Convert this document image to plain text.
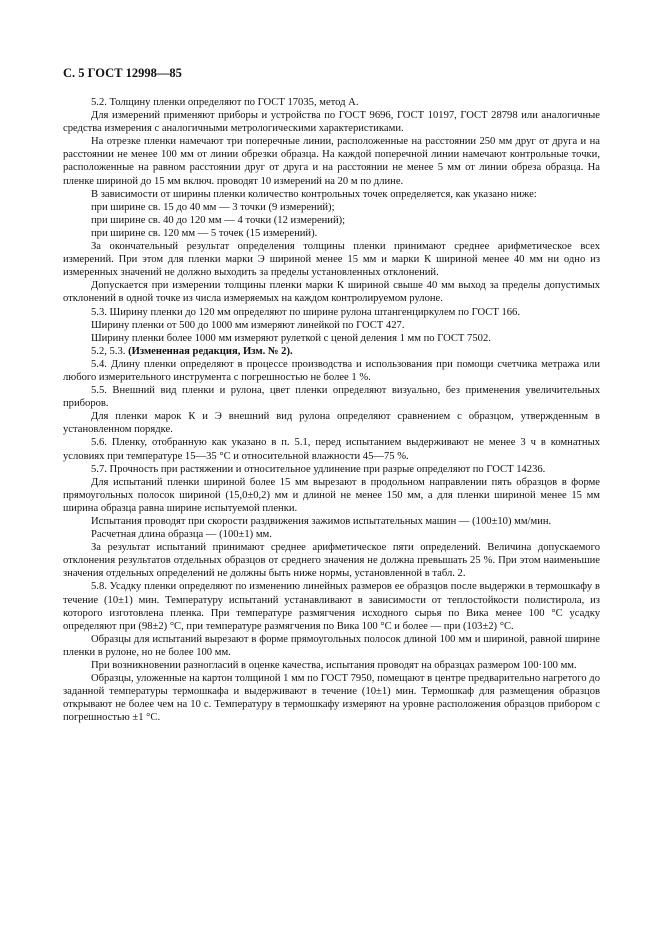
С. 5 ГОСТ 12998—85

5.2. Толщину пленки определяют по ГОСТ 17035, метод А.

Для измерений применяют приборы и устройства по ГОСТ 9696, ГОСТ 10197, ГОСТ 28798 или аналогичные средства измерения с аналогичными метрологическими характеристиками.

На отрезке пленки намечают три поперечные линии, расположенные на расстоянии 250 мм друг от друга и на расстоянии не менее 100 мм от линии обрезки образца. На каждой поперечной линии намечают контрольные точки, расположенные на равном расстоянии друг от друга и на расстоянии не менее 5 мм от линии обреза образца. На пленке шириной до 15 мм включ. проводят 10 измерений на 20 м по длине.

В зависимости от ширины пленки количество контрольных точек определяется, как указано ниже:

при ширине св. 15 до 40 мм — 3 точки (9 измерений);

при ширине св. 40 до 120 мм — 4 точки (12 измерений);

при ширине св. 120 мм — 5 точек (15 измерений).

За окончательный результат определения толщины пленки принимают среднее арифметическое всех измерений. При этом для пленки марки Э шириной менее 15 мм и марки К шириной менее 40 мм ни одно из измеренных значений не должно выходить за пределы установленных отклонений.

Допускается при измерении толщины пленки марки К шириной свыше 40 мм выход за пределы допустимых отклонений в одной точке из числа измеряемых на каждом контролируемом рулоне.

5.3. Ширину пленки до 120 мм определяют по ширине рулона штангенциркулем по ГОСТ 166.

Ширину пленки от 500 до 1000 мм измеряют линейкой по ГОСТ 427.

Ширину пленки более 1000 мм измеряют рулеткой с ценой деления 1 мм по ГОСТ 7502.

5.2, 5.3. (Измененная редакция, Изм. № 2).

5.4. Длину пленки определяют в процессе производства и использования при помощи счетчика метража или любого измерительного инструмента с погрешностью не более 1 %.

5.5. Внешний вид пленки и рулона, цвет пленки определяют визуально, без применения увеличительных приборов.

Для пленки марок К и Э внешний вид рулона определяют сравнением с образцом, утвержденным в установленном порядке.

5.6. Пленку, отобранную как указано в п. 5.1, перед испытанием выдерживают не менее 3 ч в комнатных условиях при температуре 15—35 °С и относительной влажности 45—75 %.

5.7. Прочность при растяжении и относительное удлинение при разрые определяют по ГОСТ 14236.

Для испытаний пленки шириной более 15 мм вырезают в продольном направлении пять образцов в форме прямоугольных полосок шириной (15,0±0,2) мм и длиной не менее 150 мм, а для пленки шириной менее 15 мм ширина образца равна ширине испытуемой пленки.

Испытания проводят при скорости раздвижения зажимов испытательных машин — (100±10) мм/мин.

Расчетная длина образца — (100±1) мм.

За результат испытаний принимают среднее арифметическое пяти определений. Величина допускаемого отклонения результатов отдельных образцов от среднего значения не должна превышать 25 %. При этом наименьшие значения отдельных определений не должны быть ниже нормы, установленной в табл. 2.

5.8. Усадку пленки определяют по изменению линейных размеров ее образцов после выдержки в термошкафу в течение (10±1) мин. Температуру испытаний устанавливают в зависимости от теплостойкости полистирола, из которого изготовлена пленка. При температуре размягчения исходного сырья по Вика менее 100 °С усадку определяют при (98±2) °С, при температуре размягчения по Вика 100 °С и более — при (103±2) °С.

Образцы для испытаний вырезают в форме прямоугольных полосок длиной 100 мм и шириной, равной ширине пленки в рулоне, но не более 100 мм.

При возникновении разногласий в оценке качества, испытания проводят на образцах размером 100·100 мм.

Образцы, уложенные на картон толщиной 1 мм по ГОСТ 7950, помещают в центре предварительно нагретого до заданной температуры термошкафа и выдерживают в течение (10±1) мин. Термошкаф для размещения образцов открывают не более чем на 10 с. Температуру в термошкафу измеряют на уровне расположения образцов прибором с погрешностью ±1 °С.
